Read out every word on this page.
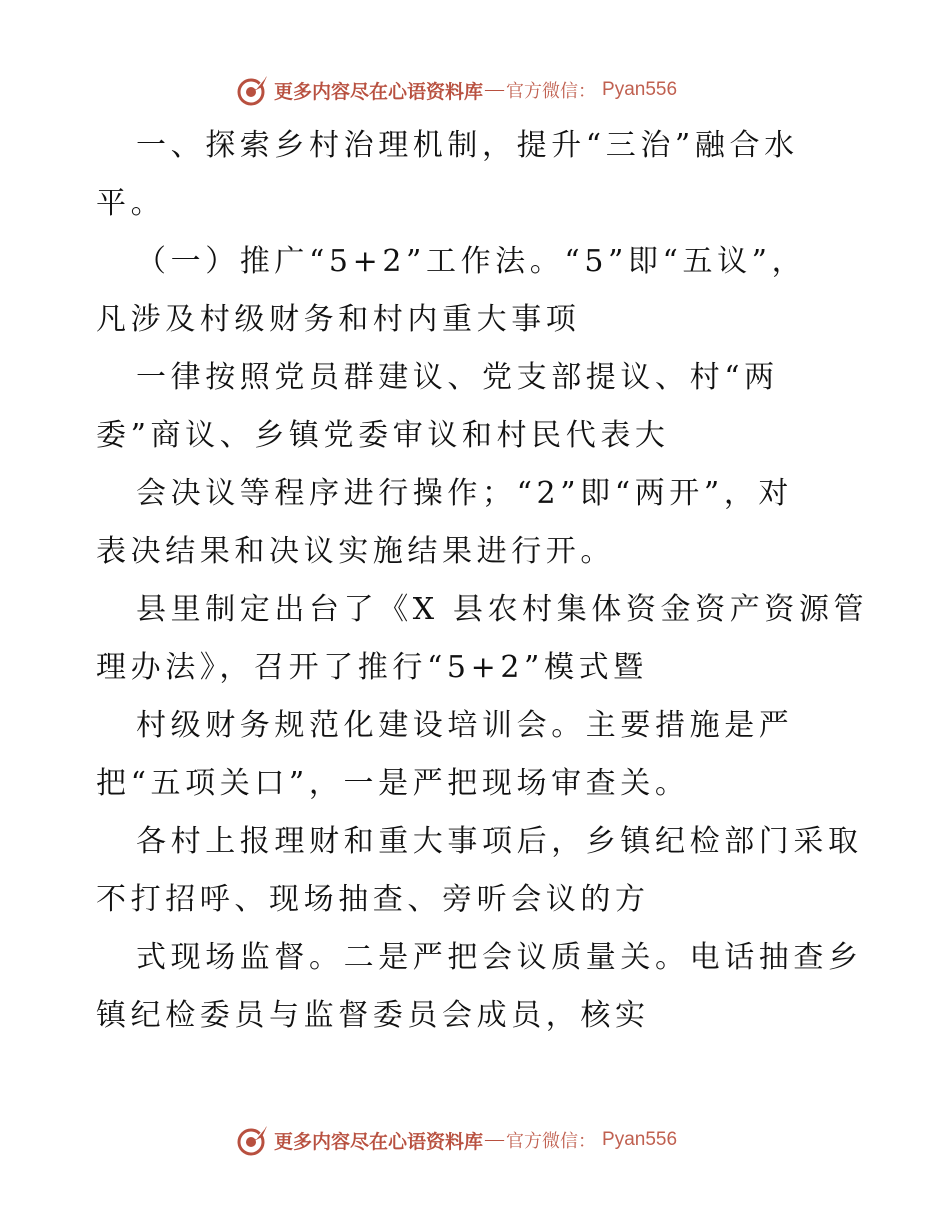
更多内容尽在心语资料库 — 官方微信： Pyan556
一、探索乡村治理机制，提升“三治”融合水
平。
（一）推广“5+2”工作法。“5”即“五议”，
凡涉及村级财务和村内重大事项
一律按照党员群建议、党支部提议、村“两
委”商议、乡镇党委审议和村民代表大
会决议等程序进行操作；“2”即“两开”，对
表决结果和决议实施结果进行开。
县里制定出台了《X 县农村集体资金资产资源管
理办法》，召开了推行“5+2”模式暨
村级财务规范化建设培训会。主要措施是严
把“五项关口”，一是严把现场审查关。
各村上报理财和重大事项后，乡镇纪检部门采取
不打招呼、现场抽查、旁听会议的方
式现场监督。二是严把会议质量关。电话抽查乡
镇纪检委员与监督委员会成员，核实
更多内容尽在心语资料库 — 官方微信： Pyan556
